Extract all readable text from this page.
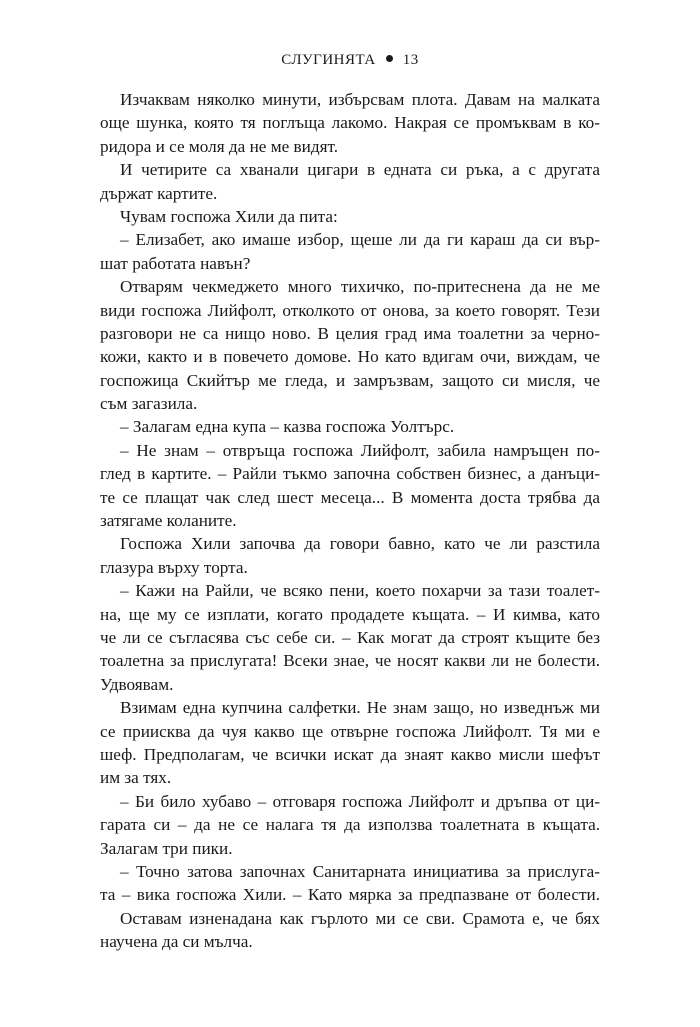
СЛУГИНЯТА 13
Изчаквам няколко минути, избърсвам плота. Давам на малката
още шунка, която тя поглъща лакомо. Накрая се промъквам в ко-
ридора и се моля да не ме видят.
И четирите са хванали цигари в едната си ръка, а с другата
държат картите.
Чувам госпожа Хили да пита:
– Елизабет, ако имаше избор, щеше ли да ги караш да си вър-
шат работата навън?
Отварям чекмеджето много тихичко, по-притеснена да не ме
види госпожа Лийфолт, отколкото от онова, за което говорят. Тези
разговори не са нищо ново. В целия град има тоалетни за черно-
кожи, както и в повечето домове. Но като вдигам очи, виждам, че
госпожица Скийтър ме гледа, и замръзвам, защото си мисля, че
съм загазила.
– Залагам една купа – казва госпожа Уолтърс.
– Не знам – отвръща госпожа Лийфолт, забила намръщен по-
глед в картите. – Райли тъкмо започна собствен бизнес, а данъци-
те се плащат чак след шест месеца... В момента доста трябва да
затягаме коланите.
Госпожа Хили започва да говори бавно, като че ли разстила
глазура върху торта.
– Кажи на Райли, че всяко пени, което похарчи за тази тоалет-
на, ще му се изплати, когато продадете къщата. – И кимва, като
че ли се съгласява със себе си. – Как могат да строят къщите без
тоалетна за прислугата! Всеки знае, че носят какви ли не болести.
Удвоявам.
Взимам една купчина салфетки. Не знам защо, но изведнъж ми
се приисква да чуя какво ще отвърне госпожа Лийфолт. Тя ми е
шеф. Предполагам, че всички искат да знаят какво мисли шефът
им за тях.
– Би било хубаво – отговаря госпожа Лийфолт и дръпва от ци-
гарата си – да не се налага тя да използва тоалетната в къщата.
Залагам три пики.
– Точно затова започнах Санитарната инициатива за прислуга-
та – вика госпожа Хили. – Като мярка за предпазване от болести.
Оставам изненадана как гърлото ми се сви. Срамота е, че бях
научена да си мълча.
